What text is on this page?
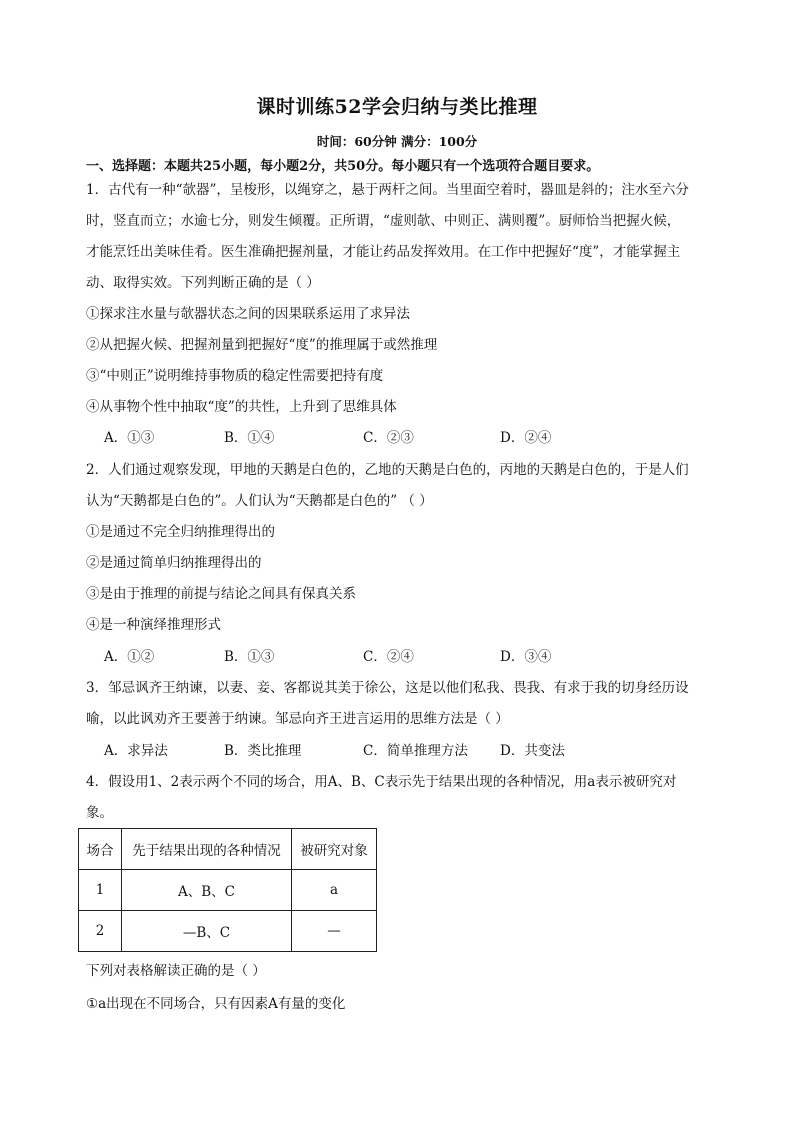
课时训练52学会归纳与类比推理
时间：60分钟 满分：100分
一、选择题：本题共25小题，每小题2分，共50分。每小题只有一个选项符合题目要求。
1．古代有一种“欹器”，呈梭形，以绳穿之，悬于两杆之间。当里面空着时，器皿是斜的；注水至六分
时，竖直而立；水逾七分，则发生倾覆。正所谓，“虚则欹、中则正、满则覆”。厨师恰当把握火候，
才能烹饪出美味佳肴。医生准确把握剂量，才能让药品发挥效用。在工作中把握好“度”，才能掌握主
动、取得实效。下列判断正确的是（ ）
①探求注水量与欹器状态之间的因果联系运用了求异法
②从把握火候、把握剂量到把握好“度”的推理属于或然推理
③“中则正”说明维持事物质的稳定性需要把持有度
④从事物个性中抽取“度”的共性，上升到了思维具体
A．①③	B．①④	C．②③	D．②④
2．人们通过观察发现，甲地的天鹅是白色的，乙地的天鹅是白色的，丙地的天鹅是白色的，于是人们
认为“天鹅都是白色的”。人们认为“天鹅都是白色的” （ ）
①是通过不完全归纳推理得出的
②是通过简单归纳推理得出的
③是由于推理的前提与结论之间具有保真关系
④是一种演绎推理形式
A．①②	B．①③	C．②④	D．③④
3．邹忌讽齐王纳谏，以妻、妾、客都说其美于徐公，这是以他们私我、畏我、有求于我的切身经历设
喻，以此讽劝齐王要善于纳谏。邹忌向齐王进言运用的思维方法是（ ）
A．求异法	B．类比推理	C．简单推理方法 D．共变法
4．假设用1、2表示两个不同的场合，用A、B、C表示先于结果出现的各种情况，用a表示被研究对
象。
场合	先于结果出现的各种情况	被研究对象
1	A、B、C	a
2	—B、C	—
下列对表格解读正确的是（ ）
①a出现在不同场合，只有因素A有量的变化
